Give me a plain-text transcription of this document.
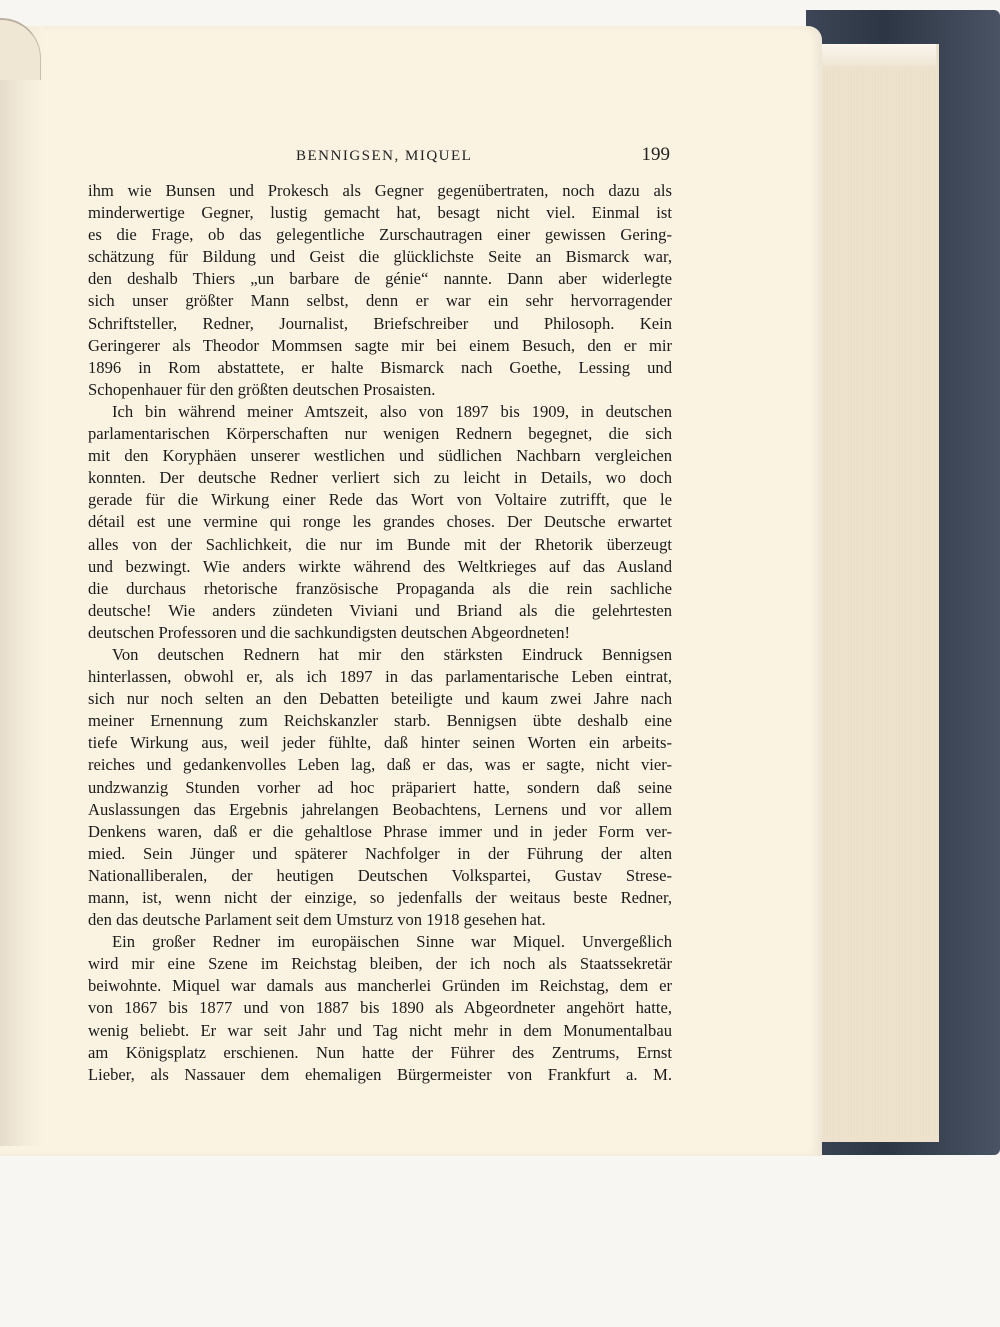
BENNIGSEN, MIQUEL	199

ihm wie Bunsen und Prokesch als Gegner gegenübertraten, noch dazu als

minderwertige Gegner, lustig gemacht hat, besagt nicht viel. Einmal ist

es die Frage, ob das gelegentliche Zurschautragen einer gewissen Gering-

schätzung für Bildung und Geist die glücklichste Seite an Bismarck war,

den deshalb Thiers „un barbare de génie“ nannte. Dann aber widerlegte

sich unser größter Mann selbst, denn er war ein sehr hervorragender

Schriftsteller, Redner, Journalist, Briefschreiber und Philosoph. Kein

Geringerer als Theodor Mommsen sagte mir bei einem Besuch, den er mir

1896 in Rom abstattete, er halte Bismarck nach Goethe, Lessing und

Schopenhauer für den größten deutschen Prosaisten.

Ich bin während meiner Amtszeit, also von 1897 bis 1909, in deutschen

parlamentarischen Körperschaften nur wenigen Rednern begegnet, die sich

mit den Koryphäen unserer westlichen und südlichen Nachbarn vergleichen

konnten. Der deutsche Redner verliert sich zu leicht in Details, wo doch

gerade für die Wirkung einer Rede das Wort von Voltaire zutrifft, que le

détail est une vermine qui ronge les grandes choses. Der Deutsche erwartet

alles von der Sachlichkeit, die nur im Bunde mit der Rhetorik überzeugt

und bezwingt. Wie anders wirkte während des Weltkrieges auf das Ausland

die durchaus rhetorische französische Propaganda als die rein sachliche

deutsche! Wie anders zündeten Viviani und Briand als die gelehrtesten

deutschen Professoren und die sachkundigsten deutschen Abgeordneten!

Von deutschen Rednern hat mir den stärksten Eindruck Bennigsen

hinterlassen, obwohl er, als ich 1897 in das parlamentarische Leben eintrat,

sich nur noch selten an den Debatten beteiligte und kaum zwei Jahre nach

meiner Ernennung zum Reichskanzler starb. Bennigsen übte deshalb eine

tiefe Wirkung aus, weil jeder fühlte, daß hinter seinen Worten ein arbeits-

reiches und gedankenvolles Leben lag, daß er das, was er sagte, nicht vier-

undzwanzig Stunden vorher ad hoc präpariert hatte, sondern daß seine

Auslassungen das Ergebnis jahrelangen Beobachtens, Lernens und vor allem

Denkens waren, daß er die gehaltlose Phrase immer und in jeder Form ver-

mied. Sein Jünger und späterer Nachfolger in der Führung der alten

Nationalliberalen, der heutigen Deutschen Volkspartei, Gustav Strese-

mann, ist, wenn nicht der einzige, so jedenfalls der weitaus beste Redner,

den das deutsche Parlament seit dem Umsturz von 1918 gesehen hat.

Ein großer Redner im europäischen Sinne war Miquel. Unvergeßlich

wird mir eine Szene im Reichstag bleiben, der ich noch als Staatssekretär

beiwohnte. Miquel war damals aus mancherlei Gründen im Reichstag, dem er

von 1867 bis 1877 und von 1887 bis 1890 als Abgeordneter angehört hatte,

wenig beliebt. Er war seit Jahr und Tag nicht mehr in dem Monumentalbau

am Königsplatz erschienen. Nun hatte der Führer des Zentrums, Ernst

Lieber, als Nassauer dem ehemaligen Bürgermeister von Frankfurt a. M.
